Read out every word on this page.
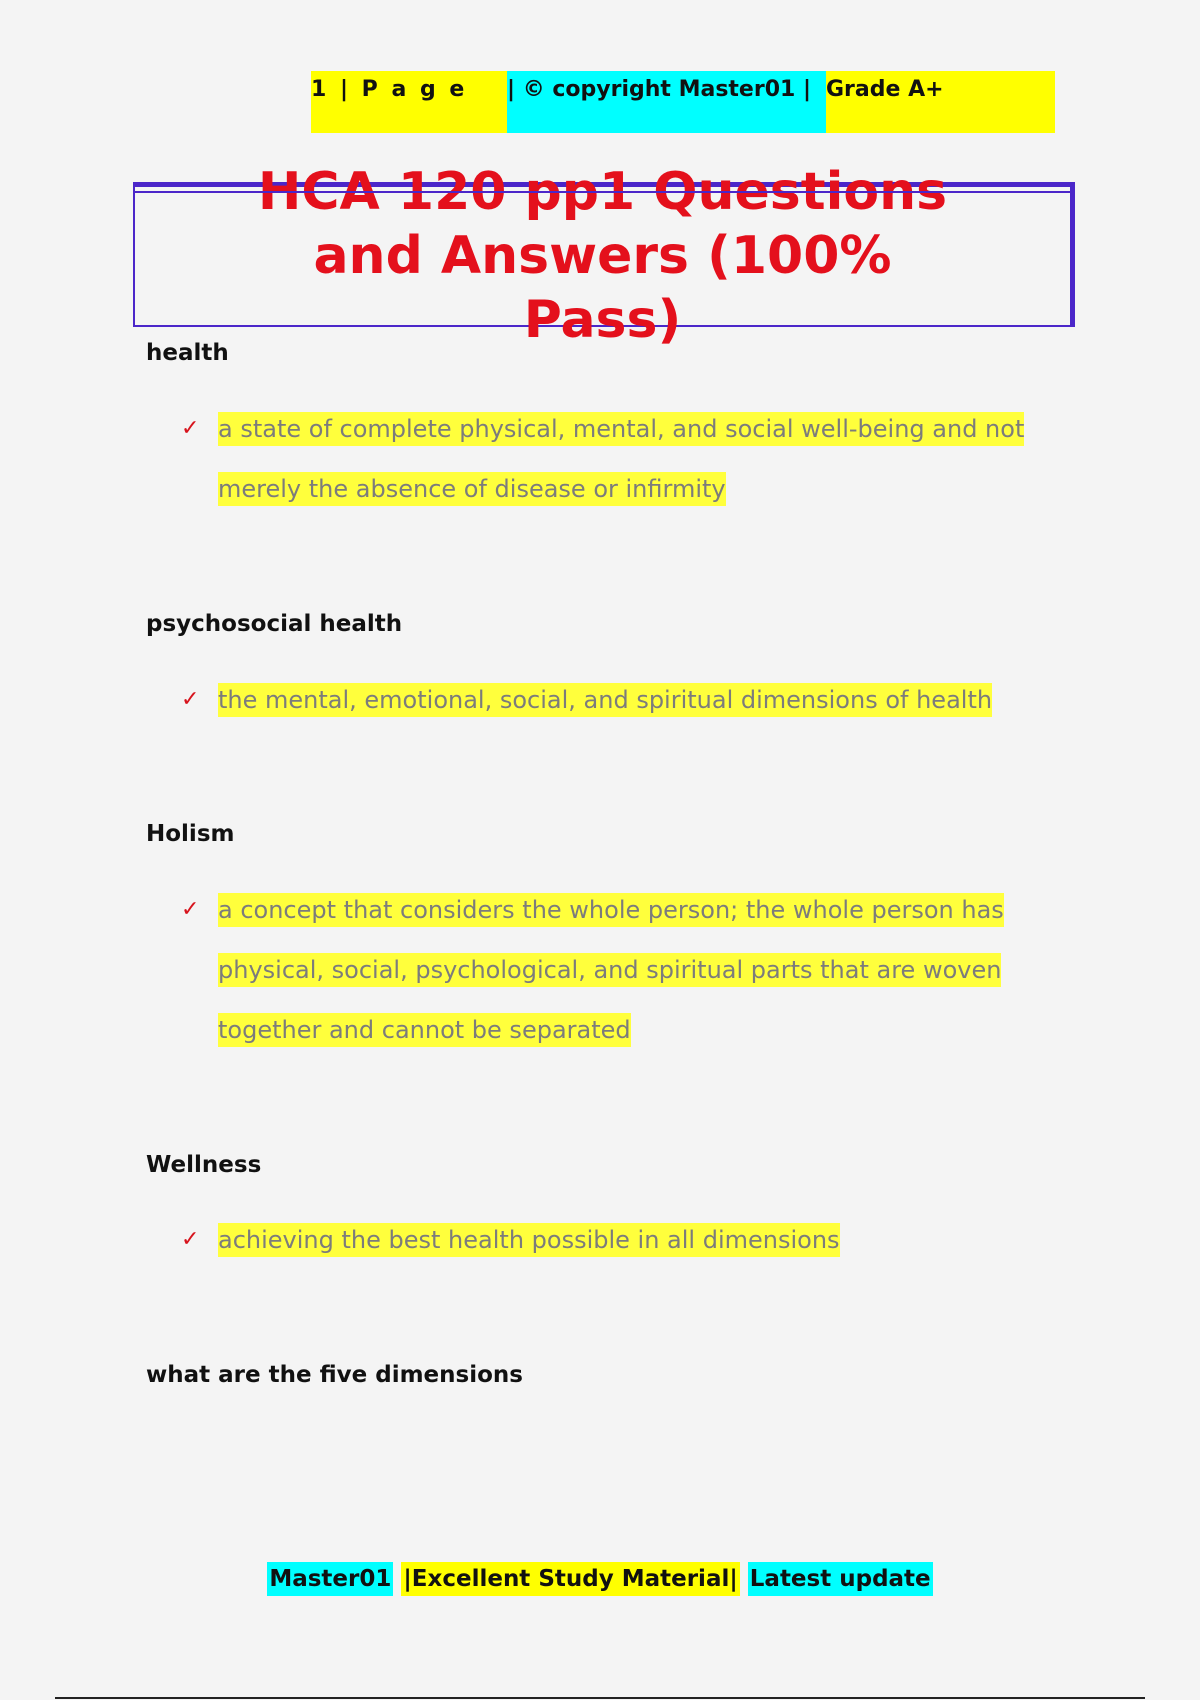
1 | P a g e	| © copyright Master01 | Grade A+
HCA 120 pp1 Questions and Answers (100% Pass)

health

✓ a state of complete physical, mental, and social well-being and not
merely the absence of disease or infirmity

psychosocial health

✓ the mental, emotional, social, and spiritual dimensions of health

Holism

✓ a concept that considers the whole person; the whole person has
physical, social, psychological, and spiritual parts that are woven
together and cannot be separated

Wellness

✓ achieving the best health possible in all dimensions

what are the five dimensions

Master01 |Excellent Study Material| Latest update
